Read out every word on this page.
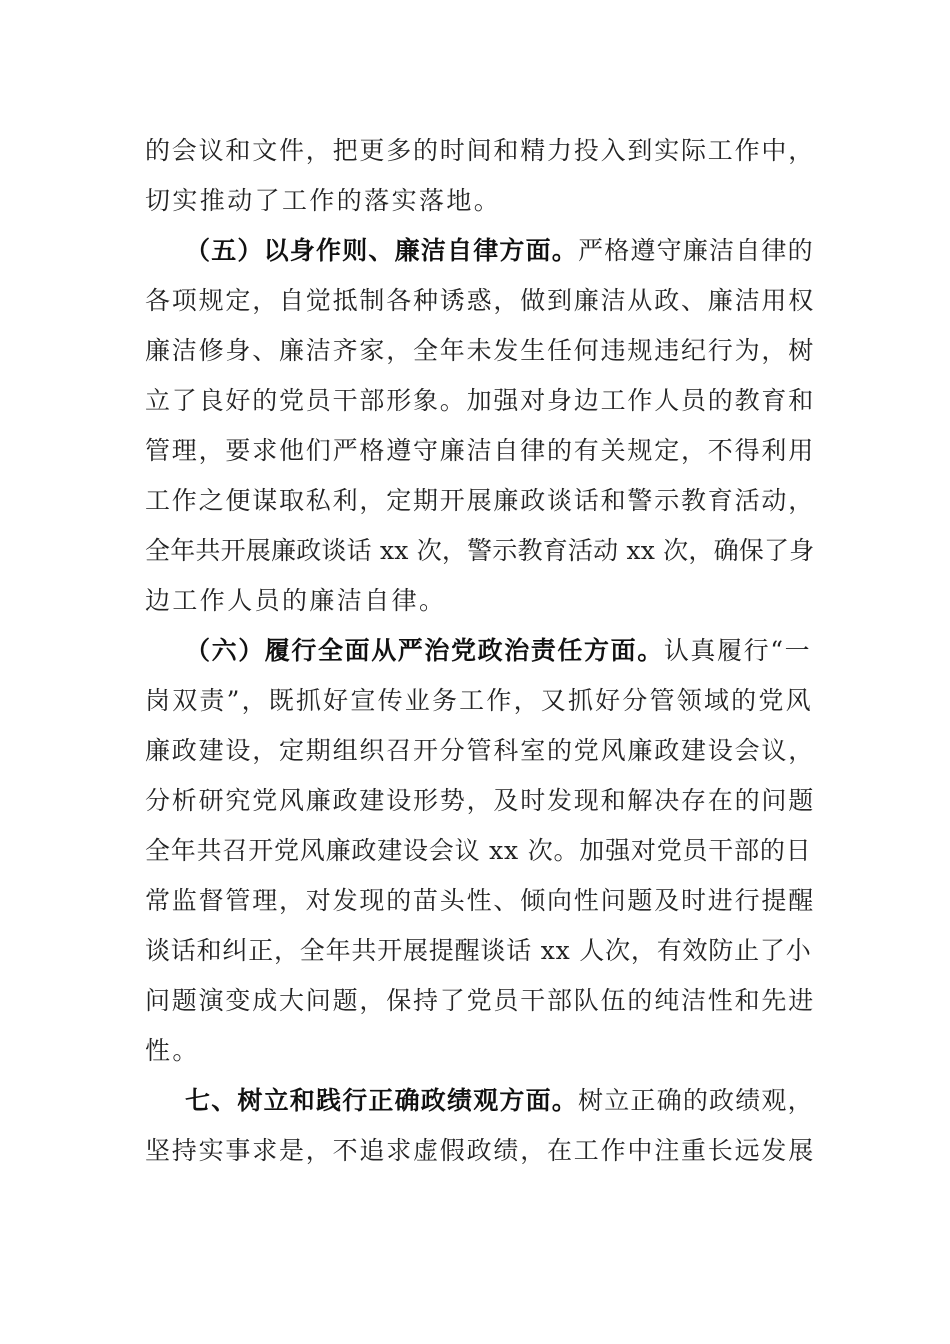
的会议和文件，把更多的时间和精力投入到实际工作中，
切实推动了工作的落实落地。
（五）以身作则、廉洁自律方面。严格遵守廉洁自律的
各项规定，自觉抵制各种诱惑，做到廉洁从政、廉洁用权
廉洁修身、廉洁齐家，全年未发生任何违规违纪行为，树
立了良好的党员干部形象。加强对身边工作人员的教育和
管理，要求他们严格遵守廉洁自律的有关规定，不得利用
工作之便谋取私利，定期开展廉政谈话和警示教育活动，
全年共开展廉政谈话 xx 次，警示教育活动 xx 次，确保了身
边工作人员的廉洁自律。
（六）履行全面从严治党政治责任方面。认真履行“一
岗双责”，既抓好宣传业务工作，又抓好分管领域的党风
廉政建设，定期组织召开分管科室的党风廉政建设会议，
分析研究党风廉政建设形势，及时发现和解决存在的问题
全年共召开党风廉政建设会议 xx 次。加强对党员干部的日
常监督管理，对发现的苗头性、倾向性问题及时进行提醒
谈话和纠正，全年共开展提醒谈话 xx 人次，有效防止了小
问题演变成大问题，保持了党员干部队伍的纯洁性和先进
性。
七、树立和践行正确政绩观方面。树立正确的政绩观，
坚持实事求是，不追求虚假政绩，在工作中注重长远发展
